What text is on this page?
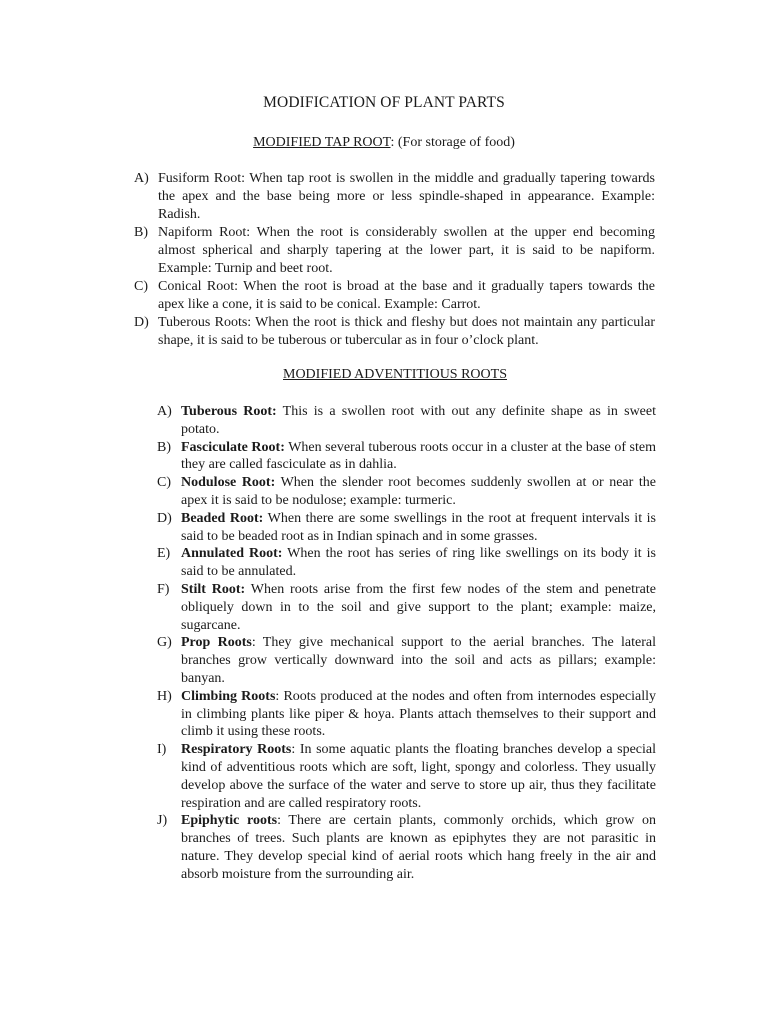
MODIFICATION OF PLANT PARTS
MODIFIED TAP ROOT: (For storage of food)
A) Fusiform Root: When tap root is swollen in the middle and gradually tapering towards the apex and the base being more or less spindle-shaped in appearance. Example: Radish.
B) Napiform Root: When the root is considerably swollen at the upper end becoming almost spherical and sharply tapering at the lower part, it is said to be napiform. Example: Turnip and beet root.
C) Conical Root: When the root is broad at the base and it gradually tapers towards the apex like a cone, it is said to be conical. Example: Carrot.
D) Tuberous Roots: When the root is thick and fleshy but does not maintain any particular shape, it is said to be tuberous or tubercular as in four o’clock plant.
MODIFIED ADVENTITIOUS ROOTS
A) Tuberous Root: This is a swollen root with out any definite shape as in sweet potato.
B) Fasciculate Root: When several tuberous roots occur in a cluster at the base of stem they are called fasciculate as in dahlia.
C) Nodulose Root: When the slender root becomes suddenly swollen at or near the apex it is said to be nodulose; example: turmeric.
D) Beaded Root: When there are some swellings in the root at frequent intervals it is said to be beaded root as in Indian spinach and in some grasses.
E) Annulated Root: When the root has series of ring like swellings on its body it is said to be annulated.
F) Stilt Root: When roots arise from the first few nodes of the stem and penetrate obliquely down in to the soil and give support to the plant; example: maize, sugarcane.
G) Prop Roots: They give mechanical support to the aerial branches. The lateral branches grow vertically downward into the soil and acts as pillars; example: banyan.
H) Climbing Roots: Roots produced at the nodes and often from internodes especially in climbing plants like piper & hoya. Plants attach themselves to their support and climb it using these roots.
I)	Respiratory Roots: In some aquatic plants the floating branches develop a special kind of adventitious roots which are soft, light, spongy and colorless. They usually develop above the surface of the water and serve to store up air, thus they facilitate respiration and are called respiratory roots.
J) Epiphytic roots: There are certain plants, commonly orchids, which grow on branches of trees. Such plants are known as epiphytes they are not parasitic in nature. They develop special kind of aerial roots which hang freely in the air and absorb moisture from the surrounding air.
